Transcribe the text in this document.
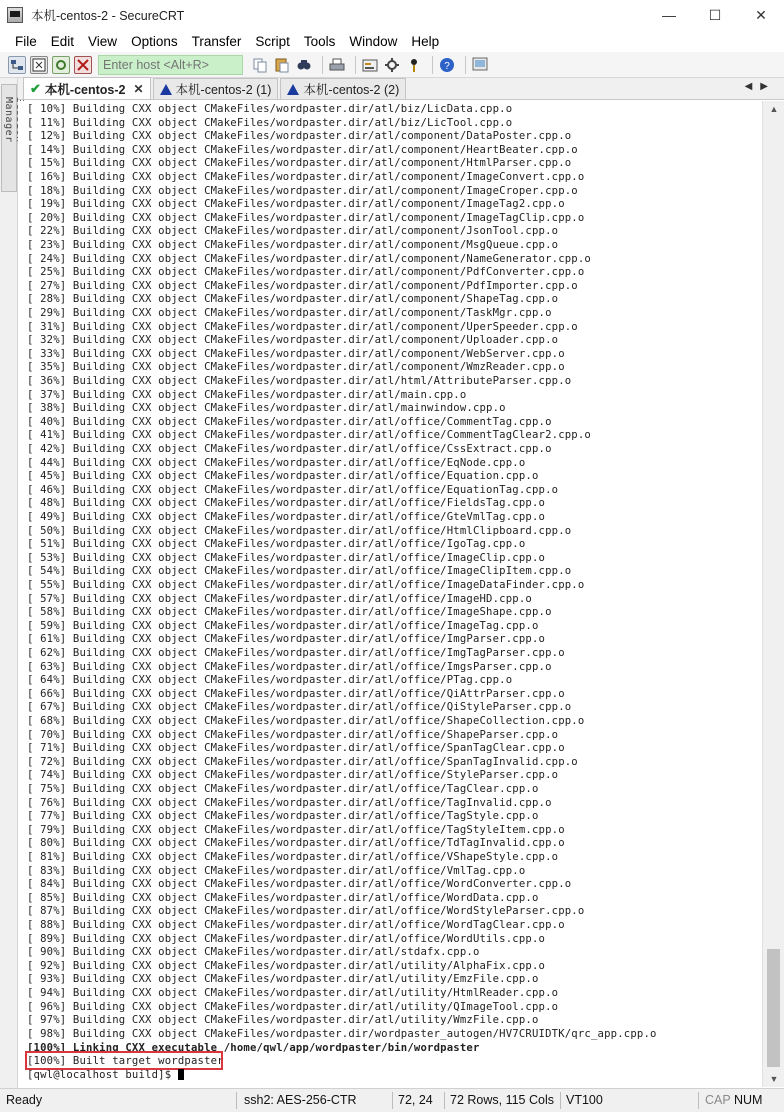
本机-centos-2 - SecureCRT	—	☐	✕
File	Edit	View	Options	Transfer	Script	Tools	Window	Help
Enter host <Alt+R>
?
Manager
✔ 本机-centos-2 ✕	本机-centos-2 (1)	本机-centos-2 (2)	◀▶
[ 10%] Building CXX object CMakeFiles/wordpaster.dir/atl/biz/LicData.cpp.o
[ 11%] Building CXX object CMakeFiles/wordpaster.dir/atl/biz/LicTool.cpp.o
[ 12%] Building CXX object CMakeFiles/wordpaster.dir/atl/component/DataPoster.cpp.o
[ 14%] Building CXX object CMakeFiles/wordpaster.dir/atl/component/HeartBeater.cpp.o
[ 15%] Building CXX object CMakeFiles/wordpaster.dir/atl/component/HtmlParser.cpp.o
[ 16%] Building CXX object CMakeFiles/wordpaster.dir/atl/component/ImageConvert.cpp.o
[ 18%] Building CXX object CMakeFiles/wordpaster.dir/atl/component/ImageCroper.cpp.o
[ 19%] Building CXX object CMakeFiles/wordpaster.dir/atl/component/ImageTag2.cpp.o
[ 20%] Building CXX object CMakeFiles/wordpaster.dir/atl/component/ImageTagClip.cpp.o
[ 22%] Building CXX object CMakeFiles/wordpaster.dir/atl/component/JsonTool.cpp.o
[ 23%] Building CXX object CMakeFiles/wordpaster.dir/atl/component/MsgQueue.cpp.o
[ 24%] Building CXX object CMakeFiles/wordpaster.dir/atl/component/NameGenerator.cpp.o
[ 25%] Building CXX object CMakeFiles/wordpaster.dir/atl/component/PdfConverter.cpp.o
[ 27%] Building CXX object CMakeFiles/wordpaster.dir/atl/component/PdfImporter.cpp.o
[ 28%] Building CXX object CMakeFiles/wordpaster.dir/atl/component/ShapeTag.cpp.o
[ 29%] Building CXX object CMakeFiles/wordpaster.dir/atl/component/TaskMgr.cpp.o
[ 31%] Building CXX object CMakeFiles/wordpaster.dir/atl/component/UperSpeeder.cpp.o
[ 32%] Building CXX object CMakeFiles/wordpaster.dir/atl/component/Uploader.cpp.o
[ 33%] Building CXX object CMakeFiles/wordpaster.dir/atl/component/WebServer.cpp.o
[ 35%] Building CXX object CMakeFiles/wordpaster.dir/atl/component/WmzReader.cpp.o
[ 36%] Building CXX object CMakeFiles/wordpaster.dir/atl/html/AttributeParser.cpp.o
[ 37%] Building CXX object CMakeFiles/wordpaster.dir/atl/main.cpp.o
[ 38%] Building CXX object CMakeFiles/wordpaster.dir/atl/mainwindow.cpp.o
[ 40%] Building CXX object CMakeFiles/wordpaster.dir/atl/office/CommentTag.cpp.o
[ 41%] Building CXX object CMakeFiles/wordpaster.dir/atl/office/CommentTagClear2.cpp.o
[ 42%] Building CXX object CMakeFiles/wordpaster.dir/atl/office/CssExtract.cpp.o
[ 44%] Building CXX object CMakeFiles/wordpaster.dir/atl/office/EqNode.cpp.o
[ 45%] Building CXX object CMakeFiles/wordpaster.dir/atl/office/Equation.cpp.o
[ 46%] Building CXX object CMakeFiles/wordpaster.dir/atl/office/EquationTag.cpp.o
[ 48%] Building CXX object CMakeFiles/wordpaster.dir/atl/office/FieldsTag.cpp.o
[ 49%] Building CXX object CMakeFiles/wordpaster.dir/atl/office/GteVmlTag.cpp.o
[ 50%] Building CXX object CMakeFiles/wordpaster.dir/atl/office/HtmlClipboard.cpp.o
[ 51%] Building CXX object CMakeFiles/wordpaster.dir/atl/office/IgoTag.cpp.o
[ 53%] Building CXX object CMakeFiles/wordpaster.dir/atl/office/ImageClip.cpp.o
[ 54%] Building CXX object CMakeFiles/wordpaster.dir/atl/office/ImageClipItem.cpp.o
[ 55%] Building CXX object CMakeFiles/wordpaster.dir/atl/office/ImageDataFinder.cpp.o
[ 57%] Building CXX object CMakeFiles/wordpaster.dir/atl/office/ImageHD.cpp.o
[ 58%] Building CXX object CMakeFiles/wordpaster.dir/atl/office/ImageShape.cpp.o
[ 59%] Building CXX object CMakeFiles/wordpaster.dir/atl/office/ImageTag.cpp.o
[ 61%] Building CXX object CMakeFiles/wordpaster.dir/atl/office/ImgParser.cpp.o
[ 62%] Building CXX object CMakeFiles/wordpaster.dir/atl/office/ImgTagParser.cpp.o
[ 63%] Building CXX object CMakeFiles/wordpaster.dir/atl/office/ImgsParser.cpp.o
[ 64%] Building CXX object CMakeFiles/wordpaster.dir/atl/office/PTag.cpp.o
[ 66%] Building CXX object CMakeFiles/wordpaster.dir/atl/office/QiAttrParser.cpp.o
[ 67%] Building CXX object CMakeFiles/wordpaster.dir/atl/office/QiStyleParser.cpp.o
[ 68%] Building CXX object CMakeFiles/wordpaster.dir/atl/office/ShapeCollection.cpp.o
[ 70%] Building CXX object CMakeFiles/wordpaster.dir/atl/office/ShapeParser.cpp.o
[ 71%] Building CXX object CMakeFiles/wordpaster.dir/atl/office/SpanTagClear.cpp.o
[ 72%] Building CXX object CMakeFiles/wordpaster.dir/atl/office/SpanTagInvalid.cpp.o
[ 74%] Building CXX object CMakeFiles/wordpaster.dir/atl/office/StyleParser.cpp.o
[ 75%] Building CXX object CMakeFiles/wordpaster.dir/atl/office/TagClear.cpp.o
[ 76%] Building CXX object CMakeFiles/wordpaster.dir/atl/office/TagInvalid.cpp.o
[ 77%] Building CXX object CMakeFiles/wordpaster.dir/atl/office/TagStyle.cpp.o
[ 79%] Building CXX object CMakeFiles/wordpaster.dir/atl/office/TagStyleItem.cpp.o
[ 80%] Building CXX object CMakeFiles/wordpaster.dir/atl/office/TdTagInvalid.cpp.o
[ 81%] Building CXX object CMakeFiles/wordpaster.dir/atl/office/VShapeStyle.cpp.o
[ 83%] Building CXX object CMakeFiles/wordpaster.dir/atl/office/VmlTag.cpp.o
[ 84%] Building CXX object CMakeFiles/wordpaster.dir/atl/office/WordConverter.cpp.o
[ 85%] Building CXX object CMakeFiles/wordpaster.dir/atl/office/WordData.cpp.o
[ 87%] Building CXX object CMakeFiles/wordpaster.dir/atl/office/WordStyleParser.cpp.o
[ 88%] Building CXX object CMakeFiles/wordpaster.dir/atl/office/WordTagClear.cpp.o
[ 89%] Building CXX object CMakeFiles/wordpaster.dir/atl/office/WordUtils.cpp.o
[ 90%] Building CXX object CMakeFiles/wordpaster.dir/atl/stdafx.cpp.o
[ 92%] Building CXX object CMakeFiles/wordpaster.dir/atl/utility/AlphaFix.cpp.o
[ 93%] Building CXX object CMakeFiles/wordpaster.dir/atl/utility/EmzFile.cpp.o
[ 94%] Building CXX object CMakeFiles/wordpaster.dir/atl/utility/HtmlReader.cpp.o
[ 96%] Building CXX object CMakeFiles/wordpaster.dir/atl/utility/QImageTool.cpp.o
[ 97%] Building CXX object CMakeFiles/wordpaster.dir/atl/utility/WmzFile.cpp.o
[ 98%] Building CXX object CMakeFiles/wordpaster.dir/wordpaster_autogen/HV7CRUIDTK/qrc_app.cpp.o
[100%] Linking CXX executable /home/qwl/app/wordpaster/bin/wordpaster
[100%] Built target wordpaster
[qwl@localhost build]$
▲
▼
Ready	ssh2: AES-256-CTR	72, 24 72 Rows, 115 Cols VT100	CAP NUM
